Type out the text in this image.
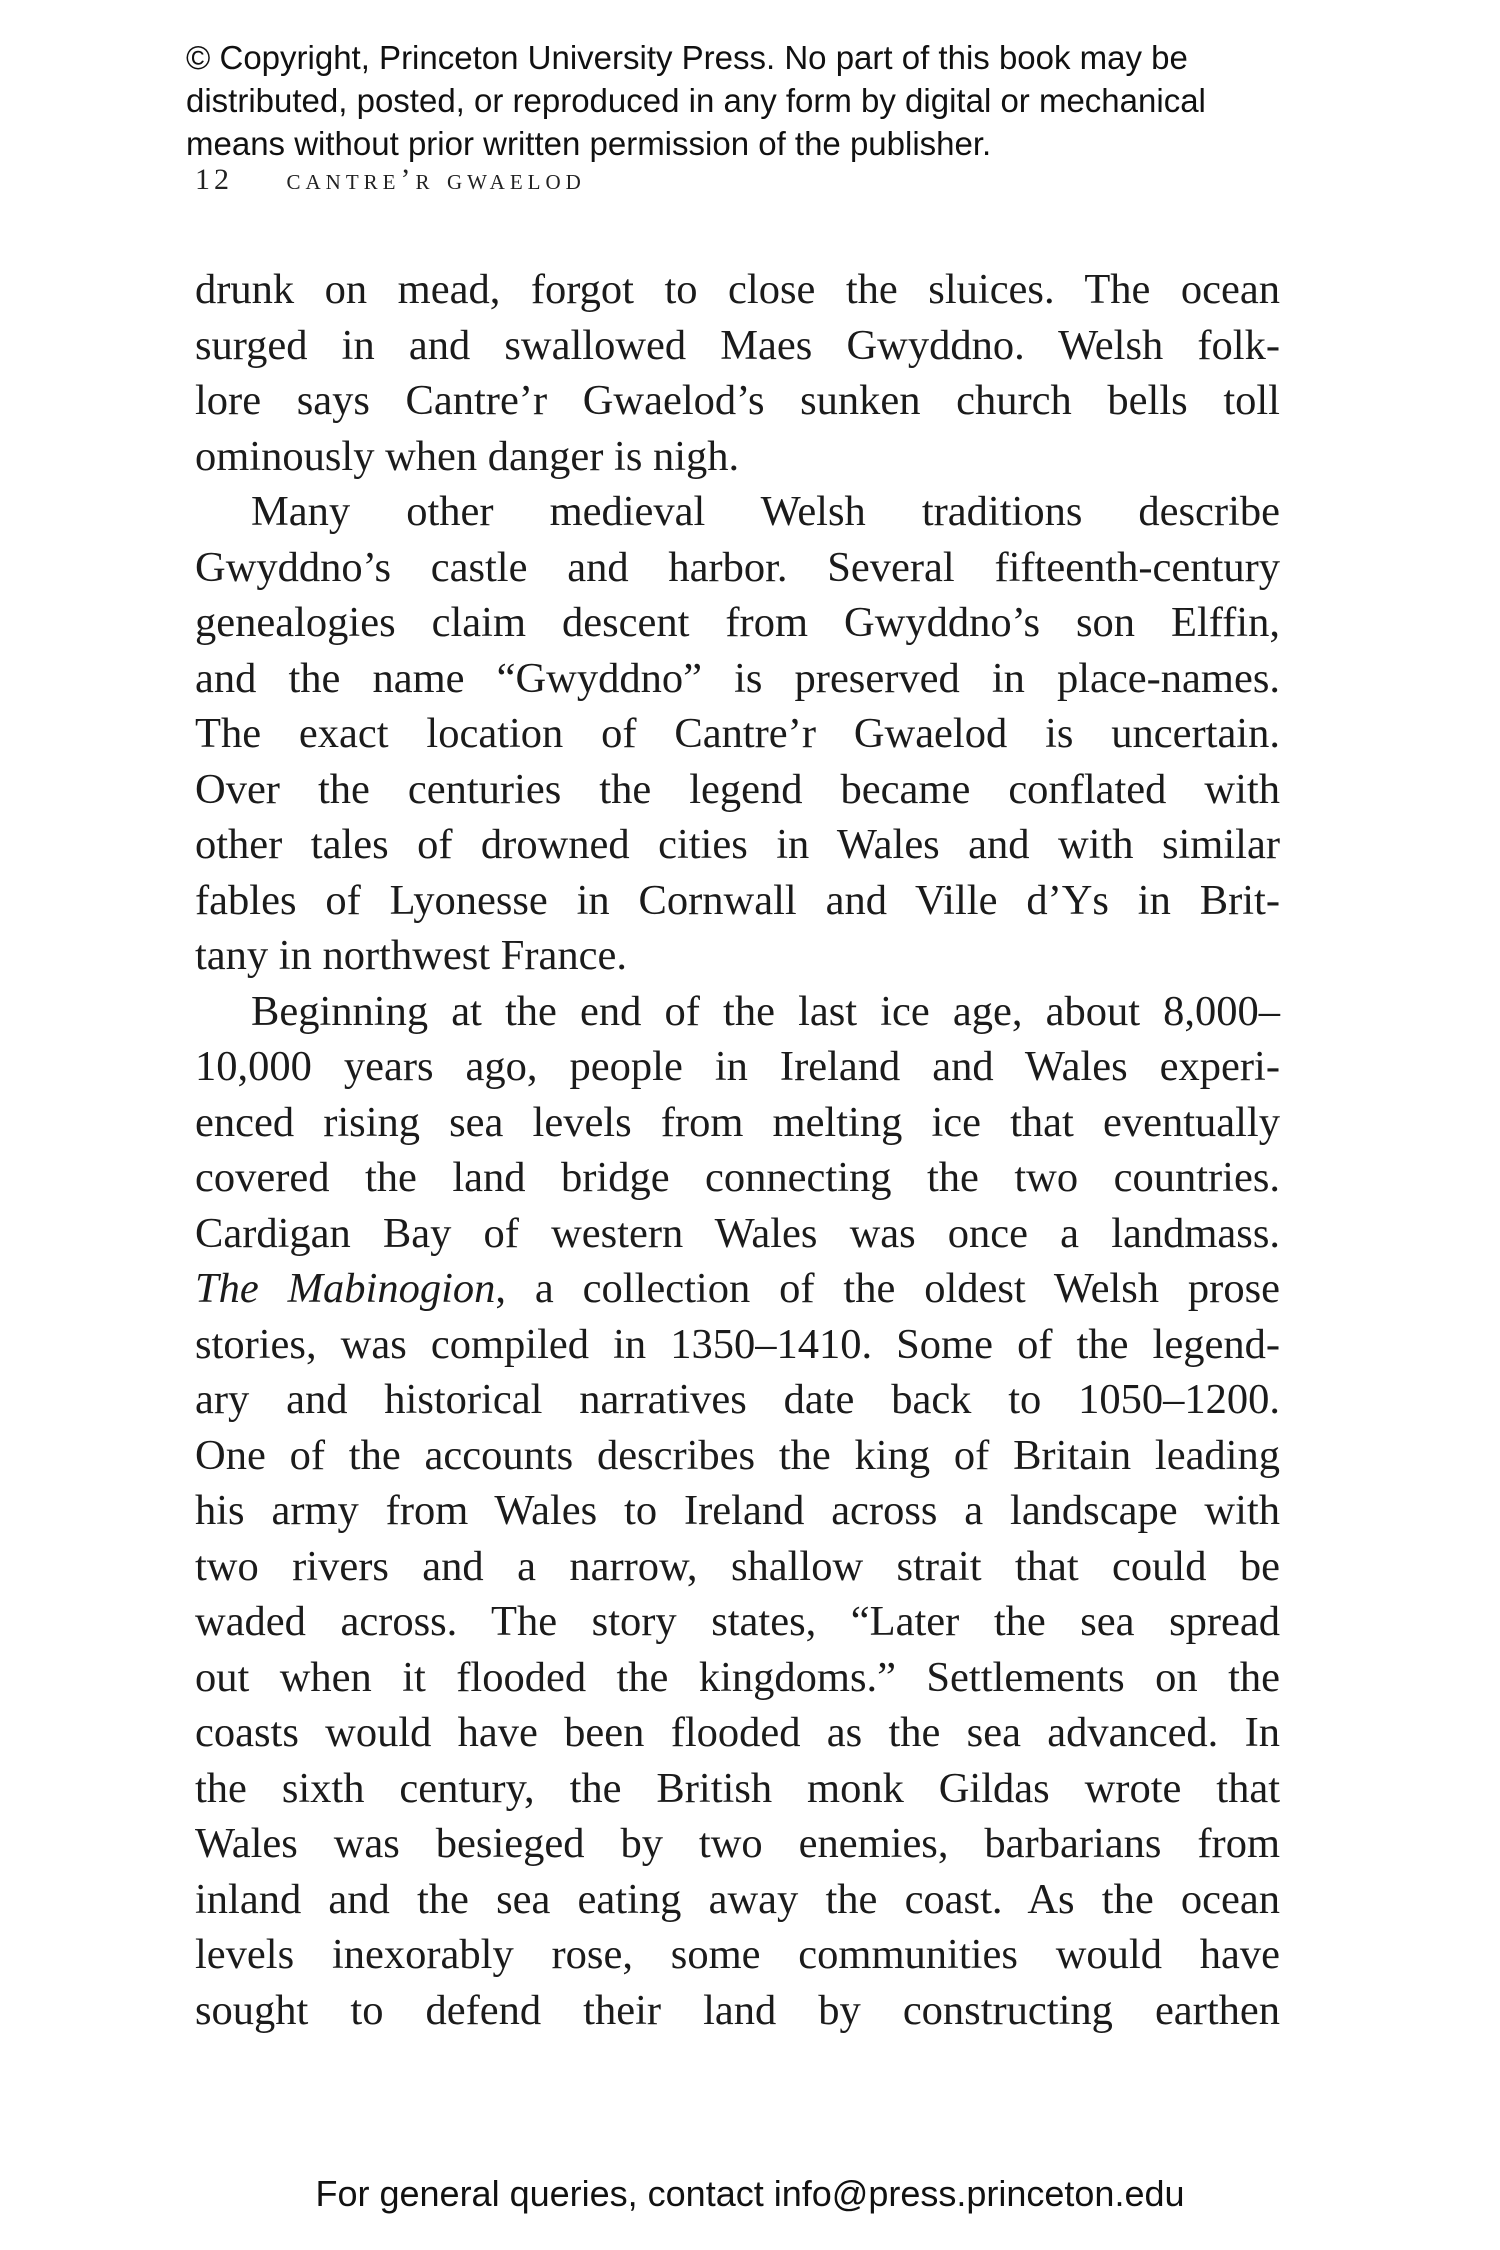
© Copyright, Princeton University Press. No part of this book may be
distributed, posted, or reproduced in any form by digital or mechanical
means without prior written permission of the publisher.
12 cantre’r gwaelod
drunk on mead, forgot to close the sluices. The ocean
surged in and swallowed Maes Gwyddno. Welsh folk-
lore says Cantre’r Gwaelod’s sunken church bells toll
ominously when danger is nigh.
Many other medieval Welsh traditions describe
Gwyddno’s castle and harbor. Several fifteenth-century
genealogies claim descent from Gwyddno’s son Elffin,
and the name “Gwyddno” is preserved in place-names.
The exact location of Cantre’r Gwaelod is uncertain.
Over the centuries the legend became conflated with
other tales of drowned cities in Wales and with similar
fables of Lyonesse in Cornwall and Ville d’Ys in Brit-
tany in northwest France.
Beginning at the end of the last ice age, about 8,000–
10,000 years ago, people in Ireland and Wales experi-
enced rising sea levels from melting ice that eventually
covered the land bridge connecting the two countries.
Cardigan Bay of western Wales was once a landmass.
The Mabinogion, a collection of the oldest Welsh prose
stories, was compiled in 1350–1410. Some of the legend-
ary and historical narratives date back to 1050–1200.
One of the accounts describes the king of Britain leading
his army from Wales to Ireland across a landscape with
two rivers and a narrow, shallow strait that could be
waded across. The story states, “Later the sea spread
out when it flooded the kingdoms.” Settlements on the
coasts would have been flooded as the sea advanced. In
the sixth century, the British monk Gildas wrote that
Wales was besieged by two enemies, barbarians from
inland and the sea eating away the coast. As the ocean
levels inexorably rose, some communities would have
sought to defend their land by constructing earthen
For general queries, contact info@press.princeton.edu
